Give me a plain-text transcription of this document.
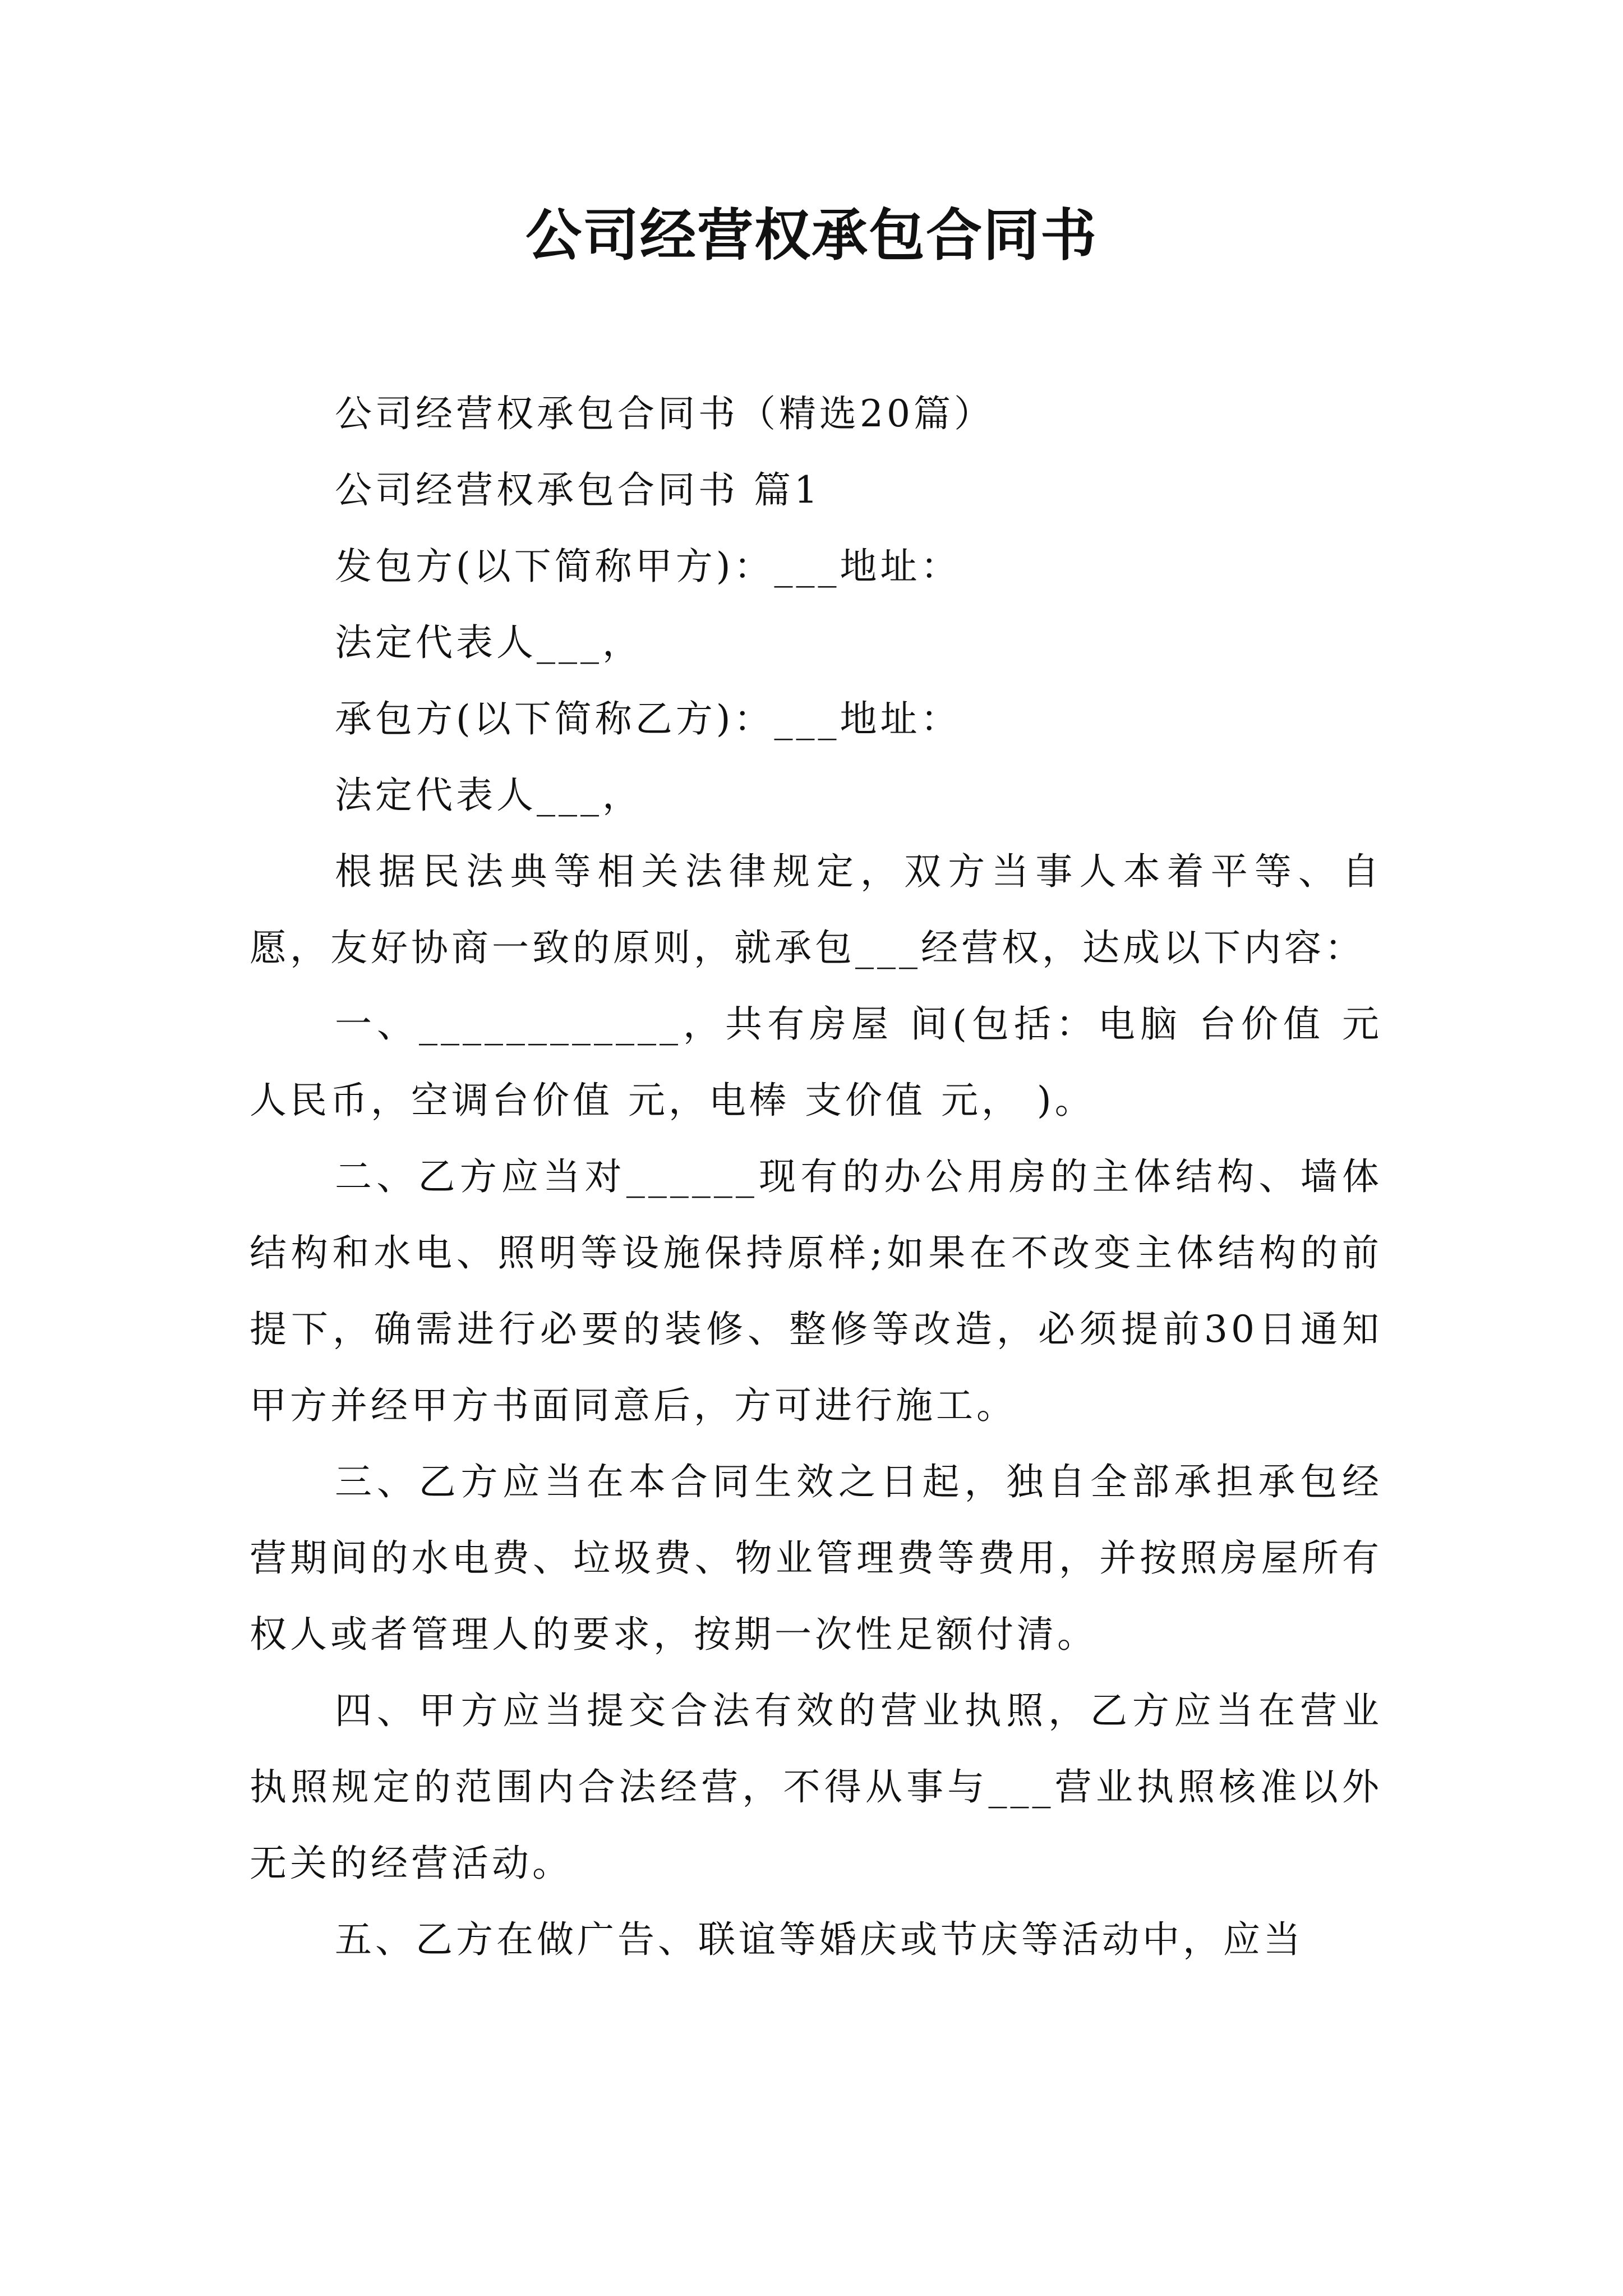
公司经营权承包合同书

公司经营权承包合同书（精选20篇）

公司经营权承包合同书 篇1

发包方(以下简称甲方)：___地址：

法定代表人___，

承包方(以下简称乙方)：___地址：

法定代表人___，

根据民法典等相关法律规定，双方当事人本着平等、自愿，友好协商一致的原则，就承包___经营权，达成以下内容：

一、____________，共有房屋 间(包括：电脑 台价值 元人民币，空调台价值 元，电棒 支价值 元， )。

二、乙方应当对______现有的办公用房的主体结构、墙体结构和水电、照明等设施保持原样;如果在不改变主体结构的前提下，确需进行必要的装修、整修等改造，必须提前30日通知甲方并经甲方书面同意后，方可进行施工。

三、乙方应当在本合同生效之日起，独自全部承担承包经营期间的水电费、垃圾费、物业管理费等费用，并按照房屋所有权人或者管理人的要求，按期一次性足额付清。

四、甲方应当提交合法有效的营业执照，乙方应当在营业执照规定的范围内合法经营，不得从事与___营业执照核准以外无关的经营活动。

五、乙方在做广告、联谊等婚庆或节庆等活动中，应当
